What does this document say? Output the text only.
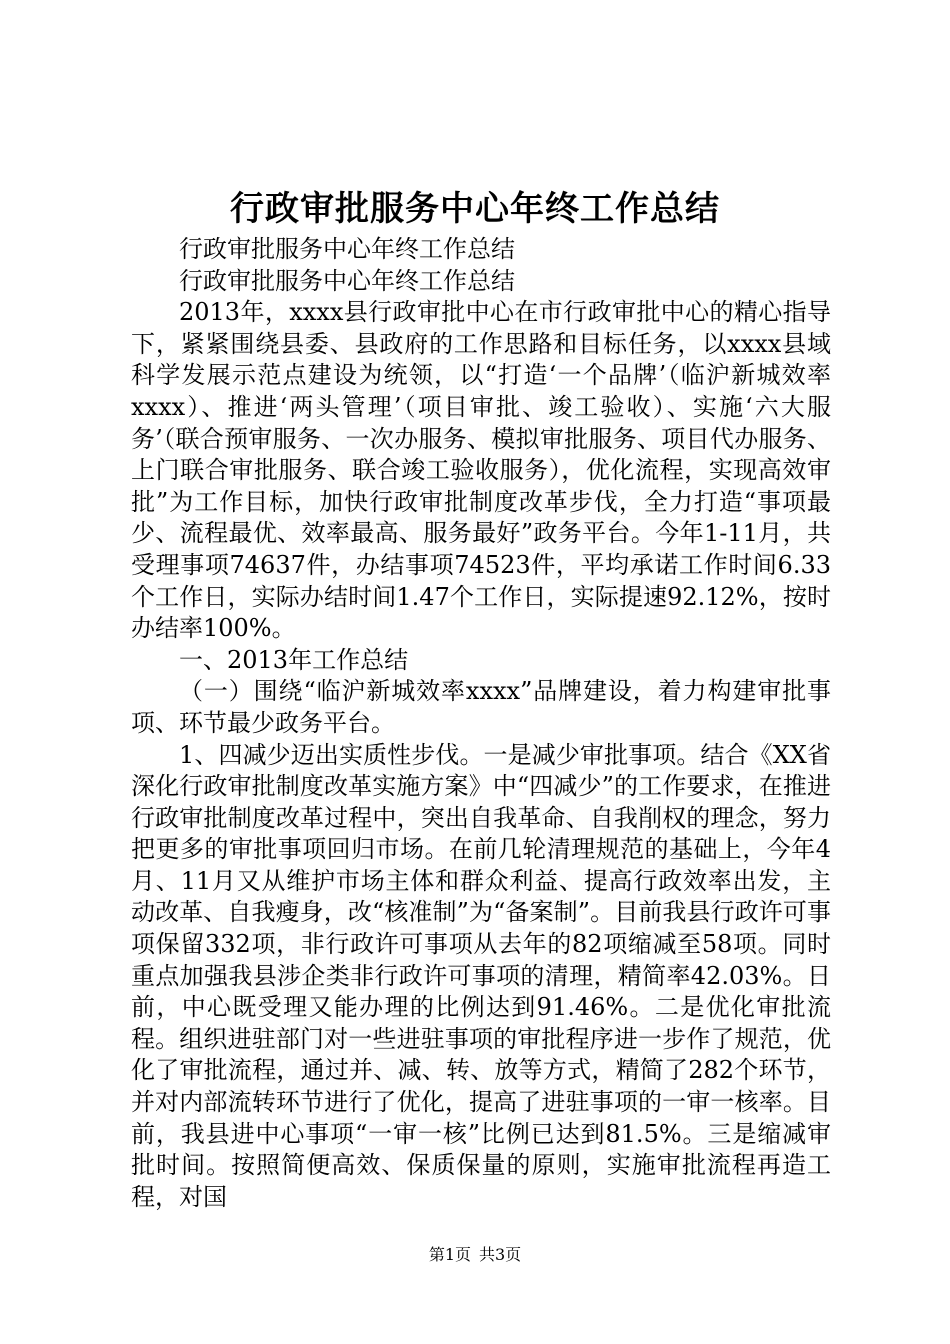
行政审批服务中心年终工作总结

行政审批服务中心年终工作总结

行政审批服务中心年终工作总结

2013年，xxxx县行政审批中心在市行政审批中心的精心指导下，紧紧围绕县委、县政府的工作思路和目标任务，以xxxx县域科学发展示范点建设为统领，以“打造‘一个品牌’（临沪新城效率xxxx）、推进‘两头管理’（项目审批、竣工验收）、实施‘六大服务’（联合预审服务、一次办服务、模拟审批服务、项目代办服务、上门联合审批服务、联合竣工验收服务），优化流程，实现高效审批”为工作目标，加快行政审批制度改革步伐，全力打造“事项最少、流程最优、效率最高、服务最好”政务平台。今年1-11月，共受理事项74637件，办结事项74523件，平均承诺工作时间6.33个工作日，实际办结时间1.47个工作日，实际提速92.12%，按时办结率100%。

一、2013年工作总结

（一）围绕“临沪新城效率xxxx”品牌建设，着力构建审批事项、环节最少政务平台。

1、四减少迈出实质性步伐。一是减少审批事项。结合《XX省深化行政审批制度改革实施方案》中“四减少”的工作要求，在推进行政审批制度改革过程中，突出自我革命、自我削权的理念，努力把更多的审批事项回归市场。在前几轮清理规范的基础上，今年4月、11月又从维护市场主体和群众利益、提高行政效率出发，主动改革、自我瘦身，改“核准制”为“备案制”。目前我县行政许可事项保留332项，非行政许可事项从去年的82项缩减至58项。同时重点加强我县涉企类非行政许可事项的清理，精简率42.03%。日前，中心既受理又能办理的比例达到91.46%。二是优化审批流程。组织进驻部门对一些进驻事项的审批程序进一步作了规范，优化了审批流程，通过并、减、转、放等方式，精简了282个环节，并对内部流转环节进行了优化，提高了进驻事项的一审一核率。目前，我县进中心事项“一审一核”比例已达到81.5%。三是缩减审批时间。按照简便高效、保质保量的原则，实施审批流程再造工程，对国

第1页 共3页
